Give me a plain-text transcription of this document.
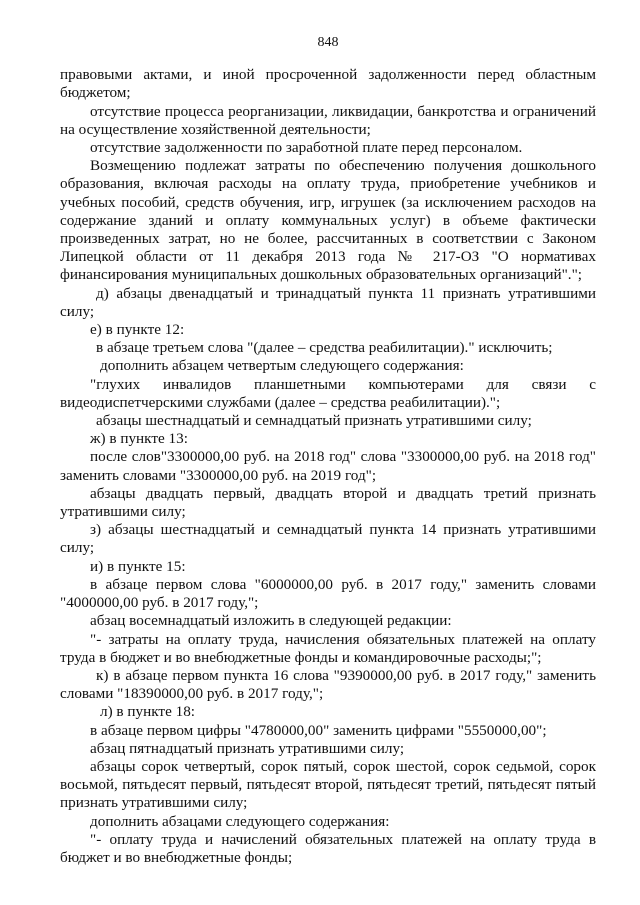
848

правовыми актами, и иной просроченной задолженности перед областным бюджетом;

отсутствие процесса реорганизации, ликвидации, банкротства и ограничений на осуществление хозяйственной деятельности;

отсутствие задолженности по заработной плате перед персоналом.

Возмещению подлежат затраты по обеспечению получения дошкольного образования, включая расходы на оплату труда, приобретение учебников и учебных пособий, средств обучения, игр, игрушек (за исключением расходов на содержание зданий и оплату коммунальных услуг) в объеме фактически произведенных затрат, но не более, рассчитанных в соответствии с Законом Липецкой области от 11 декабря 2013 года № 217-ОЗ "О нормативах финансирования муниципальных дошкольных образовательных организаций".";

д) абзацы двенадцатый и тринадцатый пункта 11 признать утратившими силу;

е) в пункте 12:

в абзаце третьем слова "(далее – средства реабилитации)." исключить;

дополнить абзацем четвертым следующего содержания:

"глухих инвалидов планшетными компьютерами для связи с видеодиспетчерскими службами (далее – средства реабилитации).";

абзацы шестнадцатый и семнадцатый признать утратившими силу;

ж) в пункте 13:

после слов"3300000,00 руб. на 2018 год" слова "3300000,00 руб. на 2018 год" заменить словами "3300000,00 руб. на 2019 год";

абзацы двадцать первый, двадцать второй и двадцать третий признать утратившими силу;

з) абзацы шестнадцатый и семнадцатый пункта 14 признать утратившими силу;

и) в пункте 15:

в абзаце первом слова "6000000,00 руб. в 2017 году," заменить словами "4000000,00 руб. в 2017 году,";

абзац восемнадцатый изложить в следующей редакции:

"- затраты на оплату труда, начисления обязательных платежей на оплату труда в бюджет и во внебюджетные фонды и командировочные расходы;";

к) в абзаце первом пункта 16 слова "9390000,00 руб. в 2017 году," заменить словами "18390000,00 руб. в 2017 году,";

л) в пункте 18:

в абзаце первом цифры "4780000,00" заменить цифрами "5550000,00";

абзац пятнадцатый признать утратившими силу;

абзацы сорок четвертый, сорок пятый, сорок шестой, сорок седьмой, сорок восьмой, пятьдесят первый, пятьдесят второй, пятьдесят третий, пятьдесят пятый признать утратившими силу;

дополнить абзацами следующего содержания:

"- оплату труда и начислений обязательных платежей на оплату труда в бюджет и во внебюджетные фонды;
